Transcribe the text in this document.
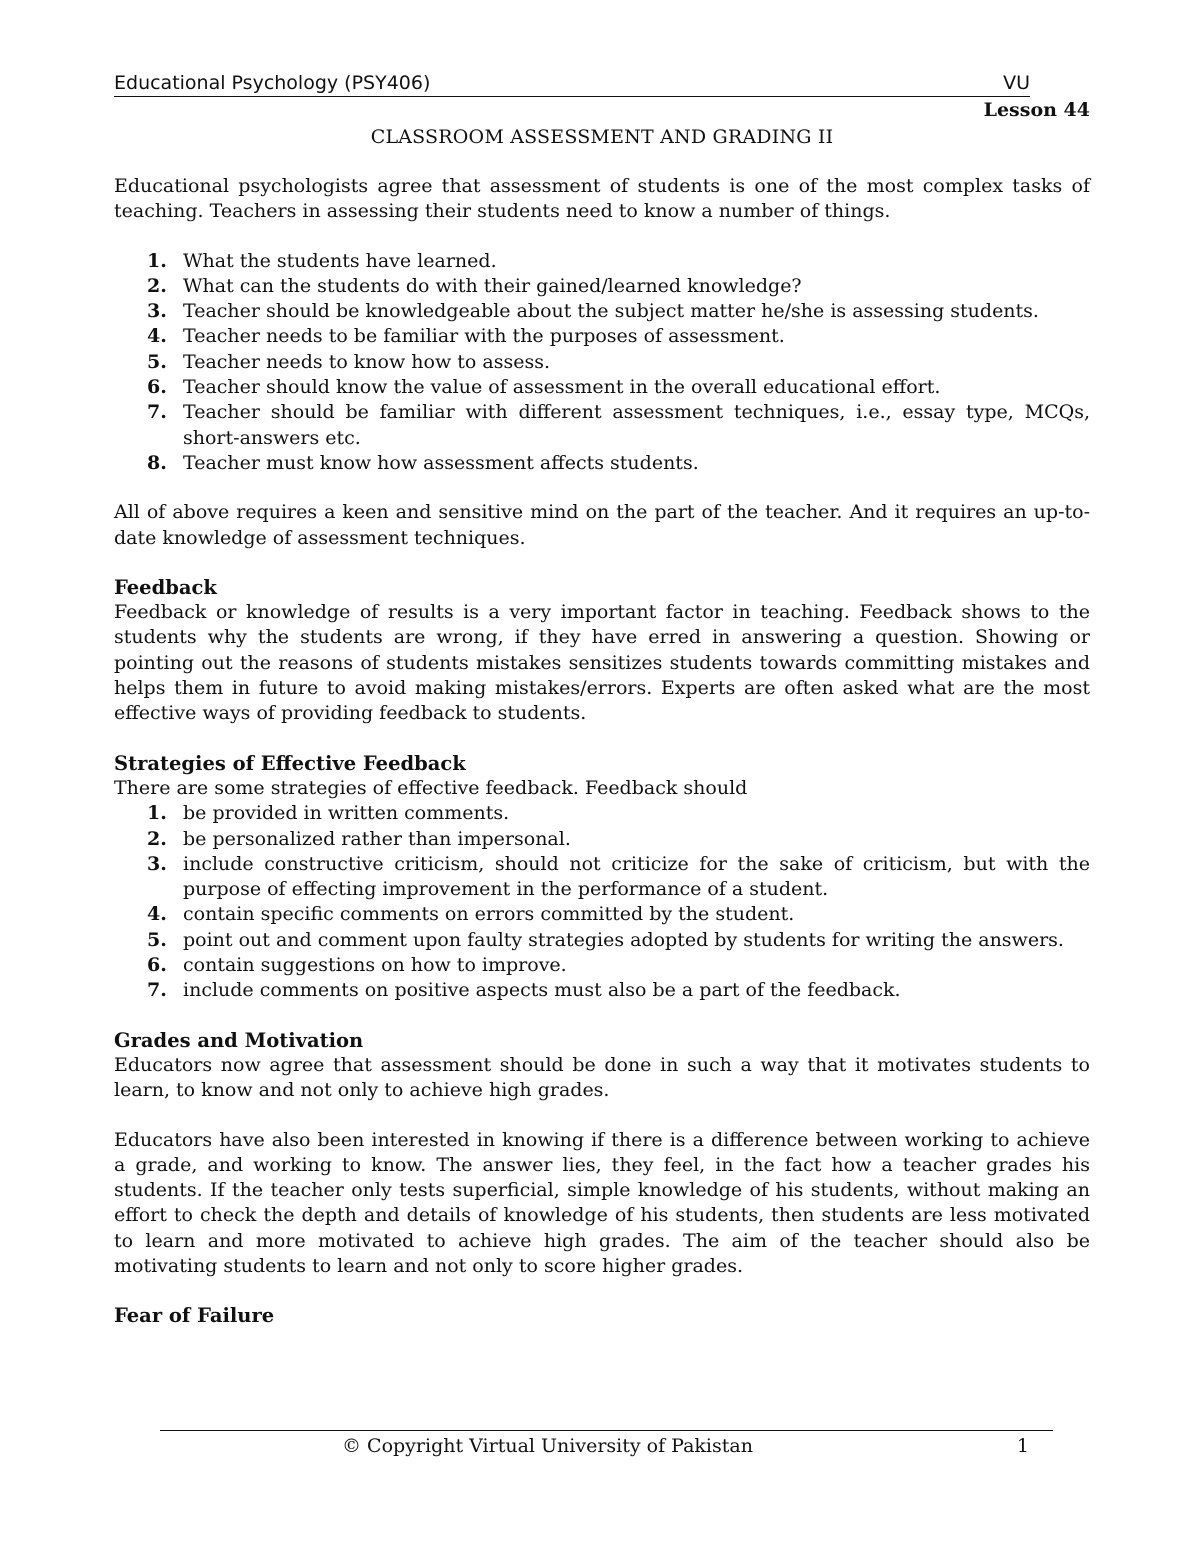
Educational Psychology (PSY406)	VU
Lesson 44
CLASSROOM ASSESSMENT AND GRADING II

Educational psychologists agree that assessment of students is one of the most complex tasks of teaching. Teachers in assessing their students need to know a number of things.

1. What the students have learned.
2. What can the students do with their gained/learned knowledge?
3. Teacher should be knowledgeable about the subject matter he/she is assessing students.
4. Teacher needs to be familiar with the purposes of assessment.
5. Teacher needs to know how to assess.
6. Teacher should know the value of assessment in the overall educational effort.
7. Teacher should be familiar with different assessment techniques, i.e., essay type, MCQs, short-answers etc.
8. Teacher must know how assessment affects students.

All of above requires a keen and sensitive mind on the part of the teacher. And it requires an up-to-date knowledge of assessment techniques.

Feedback

Feedback or knowledge of results is a very important factor in teaching. Feedback shows to the students why the students are wrong, if they have erred in answering a question. Showing or pointing out the reasons of students mistakes sensitizes students towards committing mistakes and helps them in future to avoid making mistakes/errors. Experts are often asked what are the most effective ways of providing feedback to students.

Strategies of Effective Feedback

There are some strategies of effective feedback. Feedback should

1. be provided in written comments.
2. be personalized rather than impersonal.
3. include constructive criticism, should not criticize for the sake of criticism, but with the purpose of effecting improvement in the performance of a student.
4. contain specific comments on errors committed by the student.
5. point out and comment upon faulty strategies adopted by students for writing the answers.
6. contain suggestions on how to improve.
7. include comments on positive aspects must also be a part of the feedback.
Grades and Motivation

Educators now agree that assessment should be done in such a way that it motivates students to learn, to know and not only to achieve high grades.

Educators have also been interested in knowing if there is a difference between working to achieve a grade, and working to know. The answer lies, they feel, in the fact how a teacher grades his students. If the teacher only tests superficial, simple knowledge of his students, without making an effort to check the depth and details of knowledge of his students, then students are less motivated to learn and more motivated to achieve high grades. The aim of the teacher should also be motivating students to learn and not only to score higher grades.

Fear of Failure
© Copyright Virtual University of Pakistan	1
